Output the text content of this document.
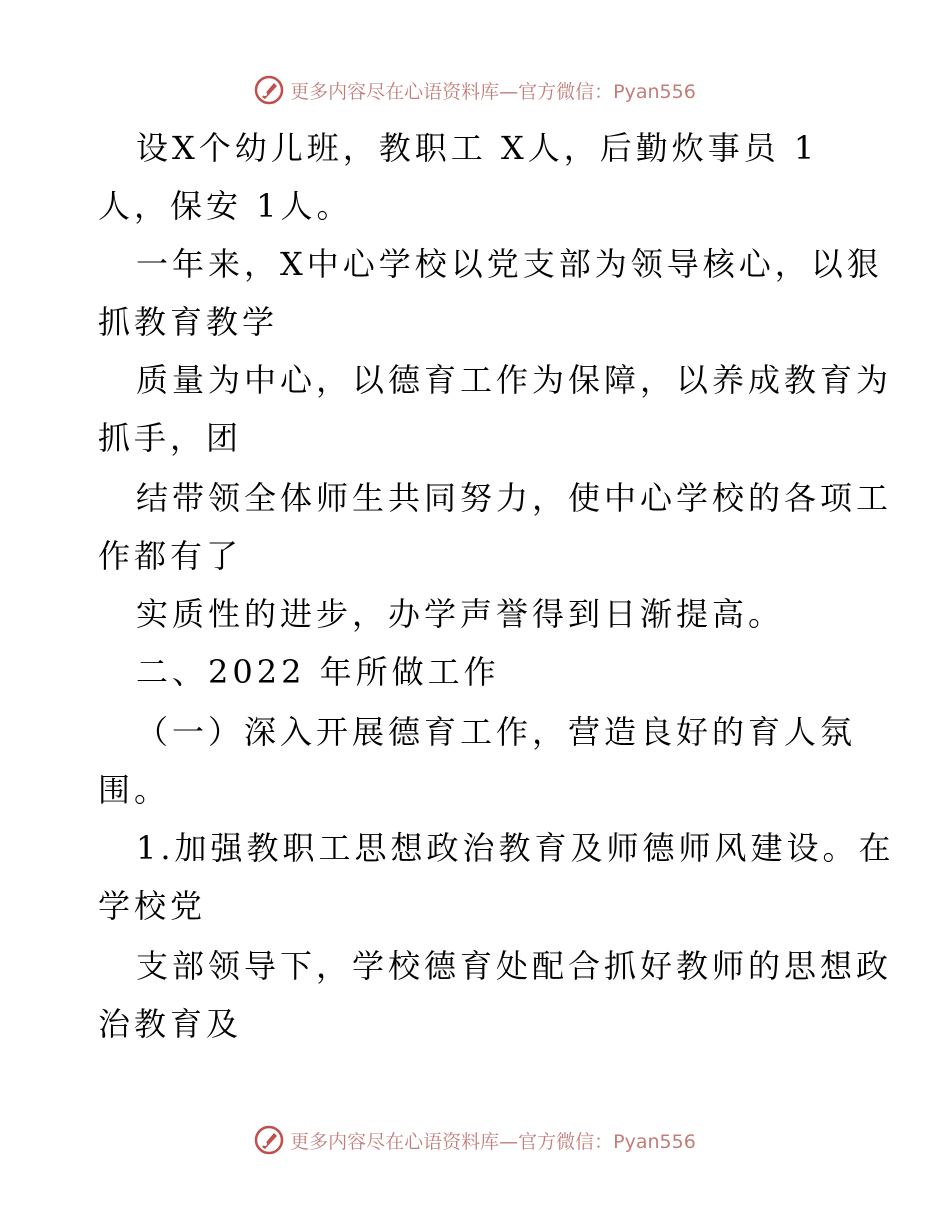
更多内容尽在心语资料库—官方微信：Pyan556
设X个幼儿班，教职工 X人，后勤炊事员 1
人，保安 1人。
一年来，X中心学校以党支部为领导核心，以狠
抓教育教学
质量为中心，以德育工作为保障，以养成教育为
抓手，团
结带领全体师生共同努力，使中心学校的各项工
作都有了
实质性的进步，办学声誉得到日渐提高。
二、2022 年所做工作
（一）深入开展德育工作，营造良好的育人氛
围。
1.加强教职工思想政治教育及师德师风建设。在
学校党
支部领导下，学校德育处配合抓好教师的思想政
治教育及
更多内容尽在心语资料库—官方微信：Pyan556
